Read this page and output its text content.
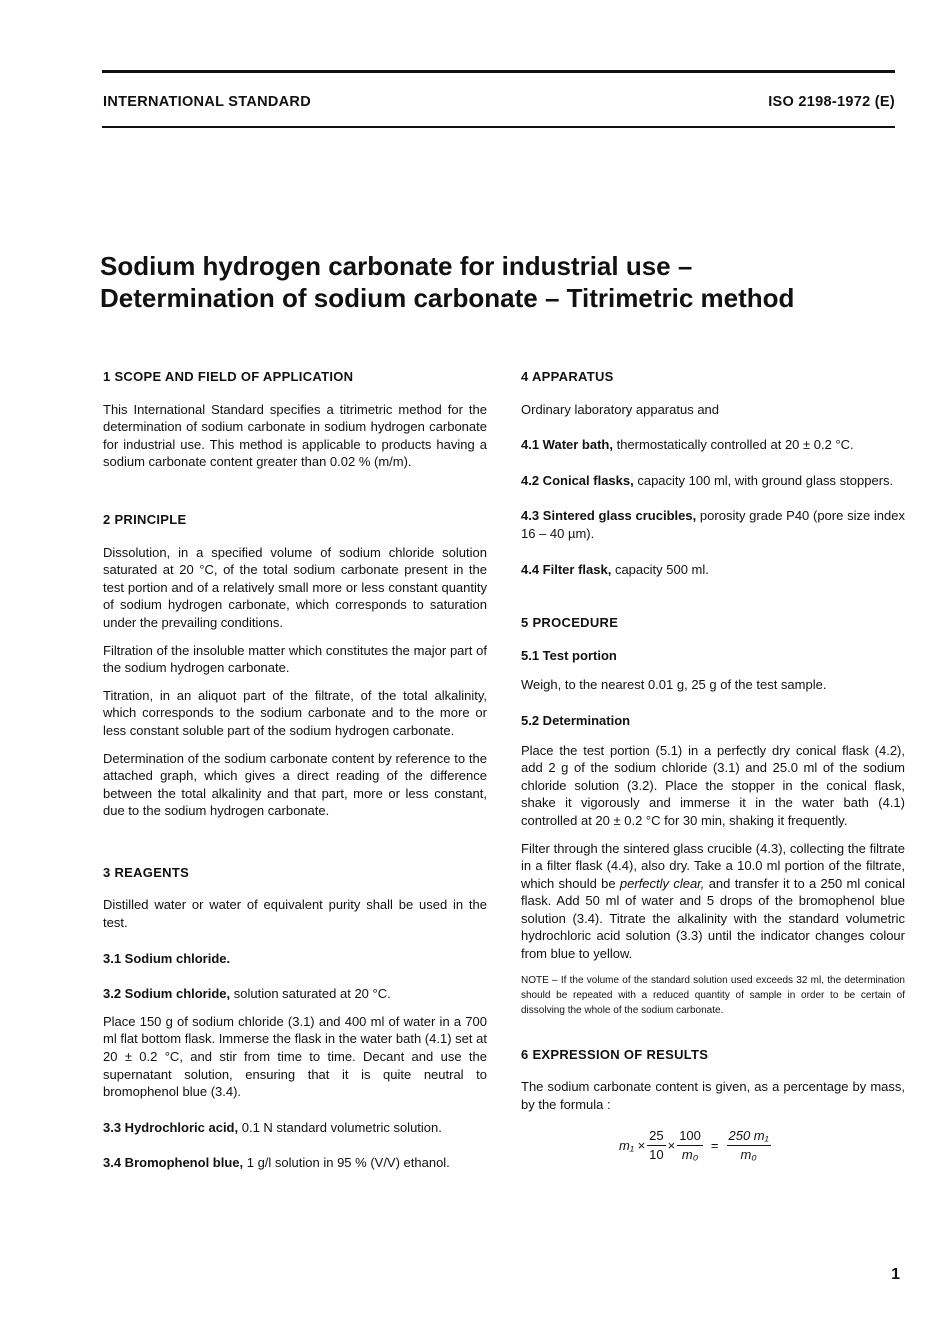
INTERNATIONAL STANDARD	ISO 2198-1972 (E)
Sodium hydrogen carbonate for industrial use –
Determination of sodium carbonate – Titrimetric method
1 SCOPE AND FIELD OF APPLICATION

This International Standard specifies a titrimetric method for the determination of sodium carbonate in sodium hydrogen carbonate for industrial use. This method is applicable to products having a sodium carbonate content greater than 0.02 % (m/m).

2 PRINCIPLE

Dissolution, in a specified volume of sodium chloride solution saturated at 20 °C, of the total sodium carbonate present in the test portion and of a relatively small more or less constant quantity of sodium hydrogen carbonate, which corresponds to saturation under the prevailing conditions.

Filtration of the insoluble matter which constitutes the major part of the sodium hydrogen carbonate.

Titration, in an aliquot part of the filtrate, of the total alkalinity, which corresponds to the sodium carbonate and to the more or less constant soluble part of the sodium hydrogen carbonate.

Determination of the sodium carbonate content by reference to the attached graph, which gives a direct reading of the difference between the total alkalinity and that part, more or less constant, due to the sodium hydrogen carbonate.

3 REAGENTS

Distilled water or water of equivalent purity shall be used in the test.

3.1 Sodium chloride.

3.2 Sodium chloride, solution saturated at 20 °C.

Place 150 g of sodium chloride (3.1) and 400 ml of water in a 700 ml flat bottom flask. Immerse the flask in the water bath (4.1) set at 20 ± 0.2 °C, and stir from time to time. Decant and use the supernatant solution, ensuring that it is quite neutral to bromophenol blue (3.4).

3.3 Hydrochloric acid, 0.1 N standard volumetric solution.

3.4 Bromophenol blue, 1 g/l solution in 95 % (V/V) ethanol.

4 APPARATUS

Ordinary laboratory apparatus and

4.1 Water bath, thermostatically controlled at 20 ± 0.2 °C.

4.2 Conical flasks, capacity 100 ml, with ground glass stoppers.

4.3 Sintered glass crucibles, porosity grade P40 (pore size index 16 – 40 µm).

4.4 Filter flask, capacity 500 ml.

5 PROCEDURE
5.1 Test portion

Weigh, to the nearest 0.01 g, 25 g of the test sample.

5.2 Determination

Place the test portion (5.1) in a perfectly dry conical flask (4.2), add 2 g of the sodium chloride (3.1) and 25.0 ml of the sodium chloride solution (3.2). Place the stopper in the conical flask, shake it vigorously and immerse it in the water bath (4.1) controlled at 20 ± 0.2 °C for 30 min, shaking it frequently.

Filter through the sintered glass crucible (4.3), collecting the filtrate in a filter flask (4.4), also dry. Take a 10.0 ml portion of the filtrate, which should be perfectly clear, and transfer it to a 250 ml conical flask. Add 50 ml of water and 5 drops of the bromophenol blue solution (3.4). Titrate the alkalinity with the standard volumetric hydrochloric acid solution (3.3) until the indicator changes colour from blue to yellow.

NOTE – If the volume of the standard solution used exceeds 32 ml, the determination should be repeated with a reduced quantity of sample in order to be certain of dissolving the whole of the sodium carbonate.

6 EXPRESSION OF RESULTS

The sodium carbonate content is given, as a percentage by mass, by the formula :

$m_1 \times \frac{25}{10} \times \frac{100}{\text{m₀}} = \frac{\text{250 m₁}}{\text{m₀}}$
1
